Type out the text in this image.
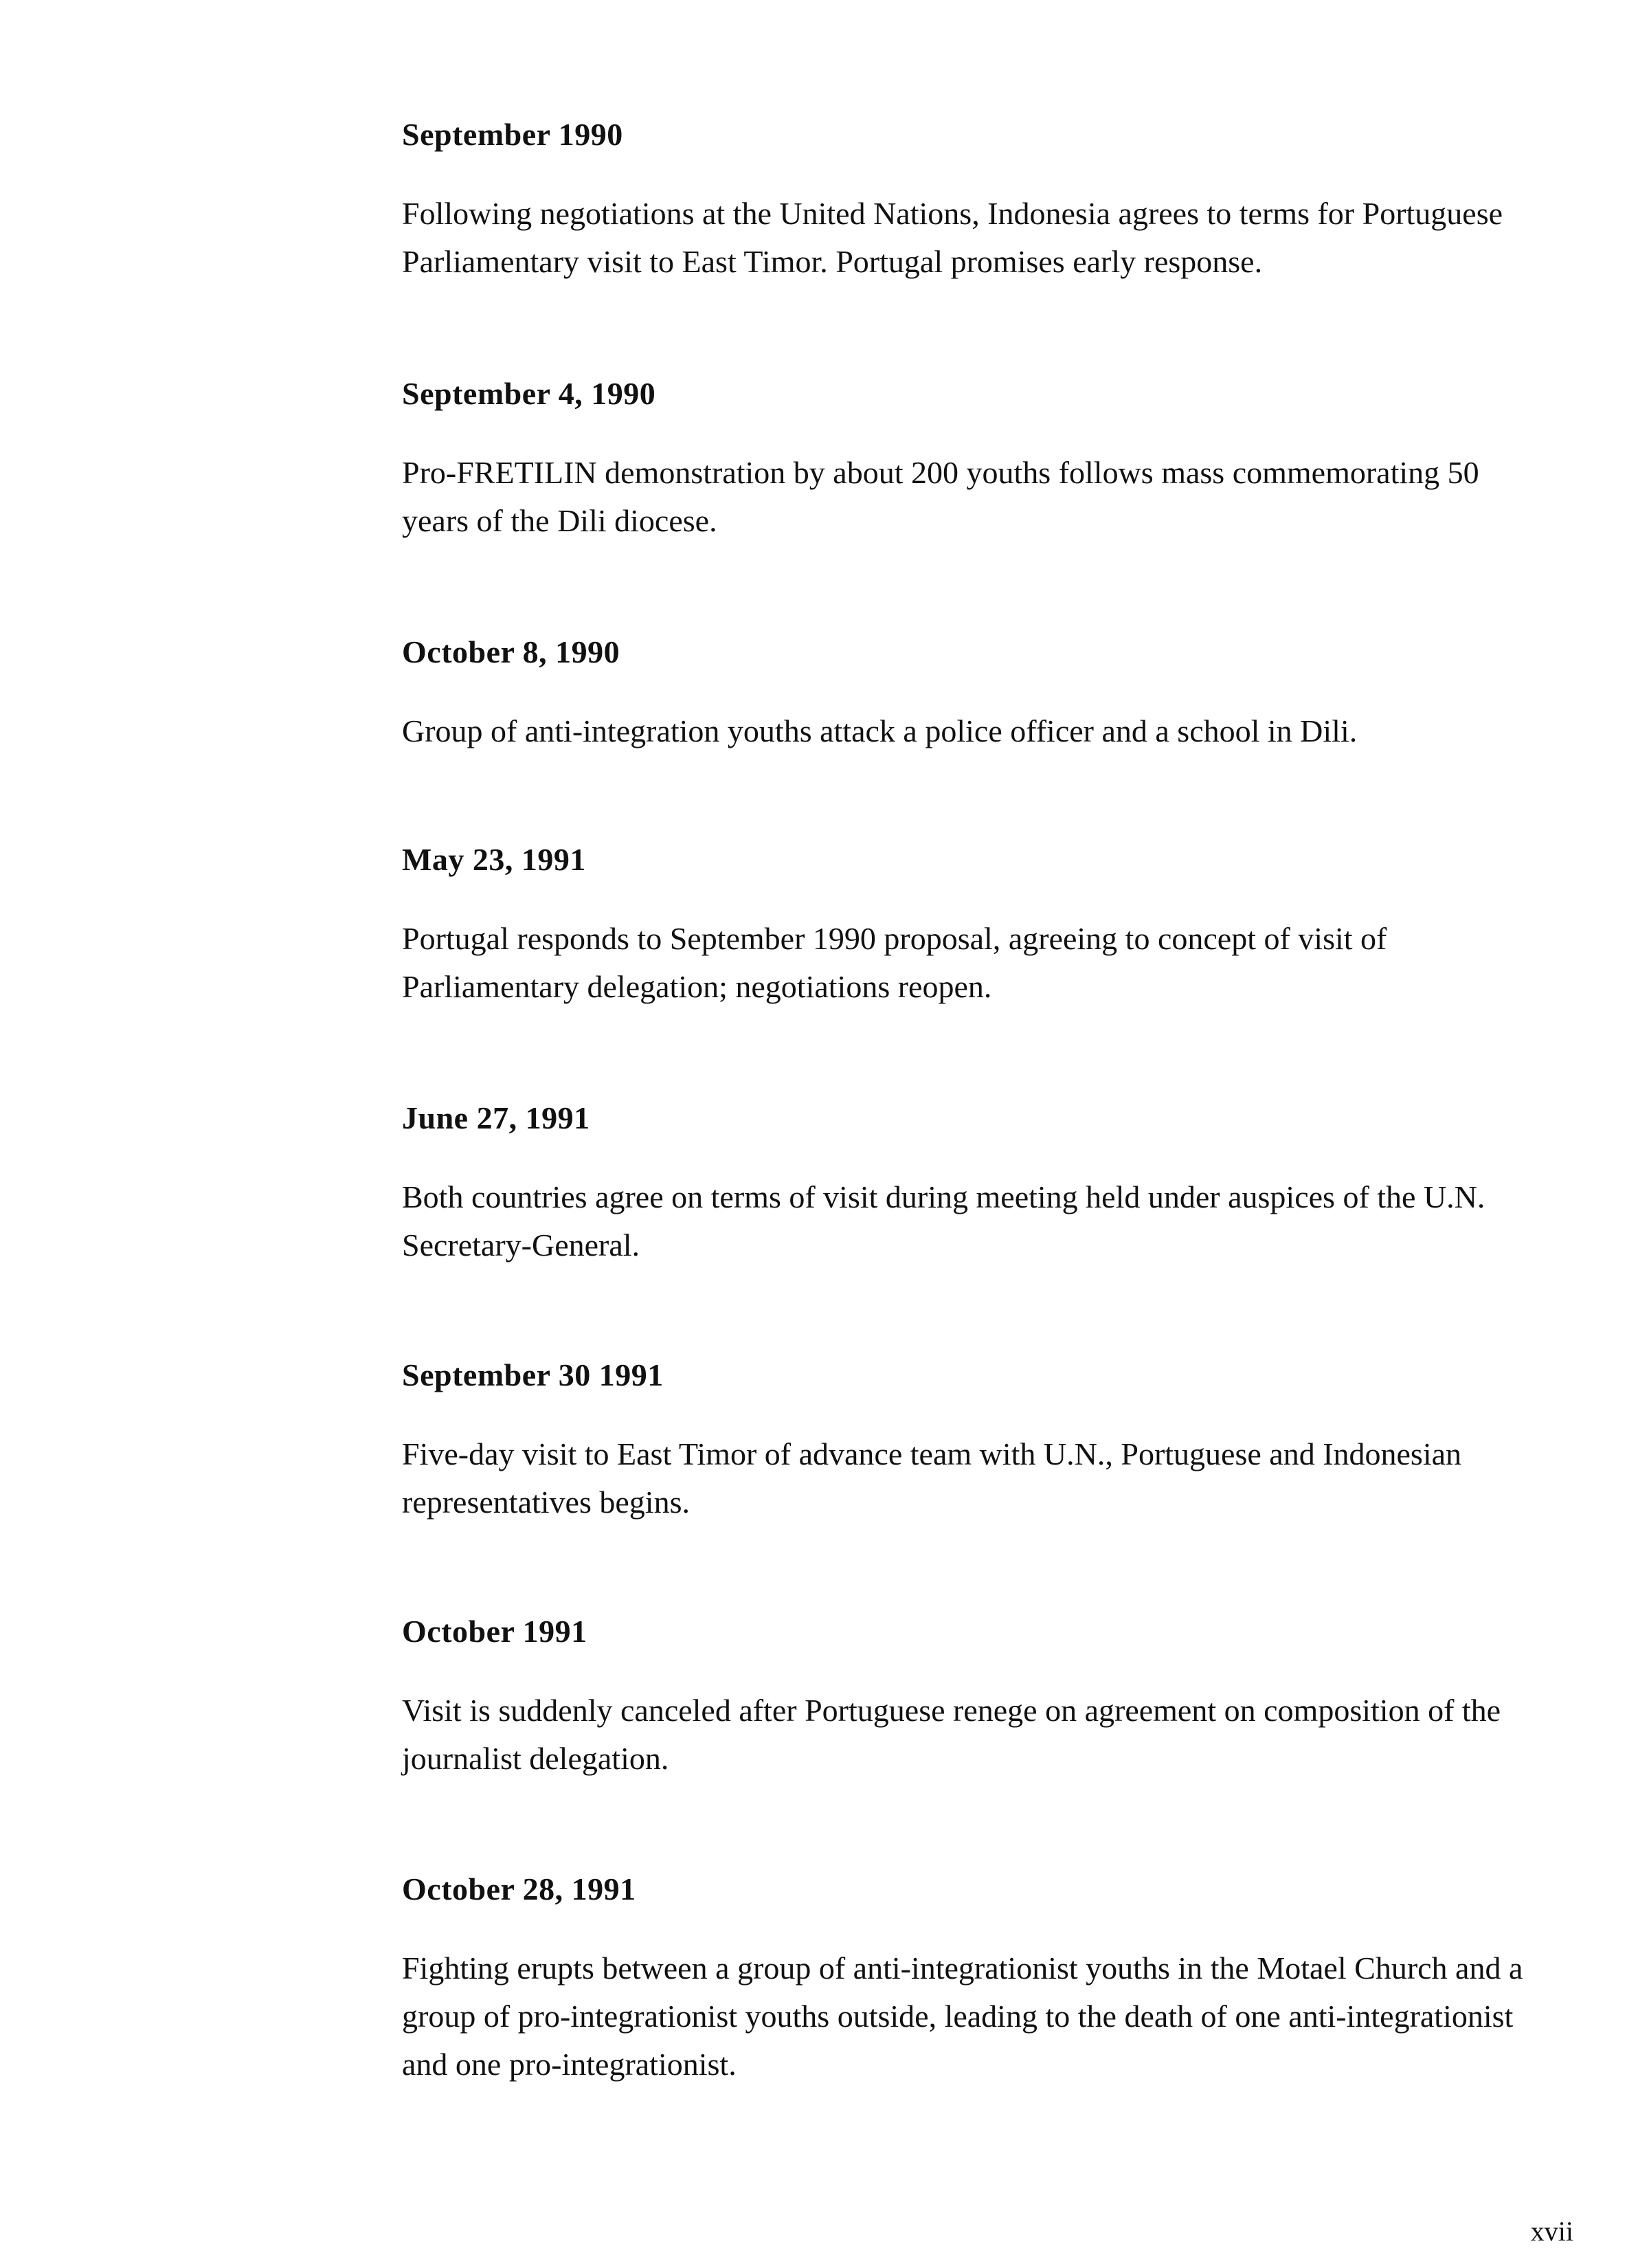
September 1990

Following negotiations at the United Nations, Indonesia agrees to terms for Portuguese Parliamentary visit to East Timor. Portugal promises early response.

September 4, 1990

Pro-FRETILIN demonstration by about 200 youths follows mass commemorating 50 years of the Dili diocese.

October 8, 1990

Group of anti-integration youths attack a police officer and a school in Dili.

May 23, 1991

Portugal responds to September 1990 proposal, agreeing to concept of visit of Parliamentary delegation; negotiations reopen.

June 27, 1991

Both countries agree on terms of visit during meeting held under auspices of the U.N. Secretary-General.

September 30 1991

Five-day visit to East Timor of advance team with U.N., Portuguese and Indonesian representatives begins.

October 1991

Visit is suddenly canceled after Portuguese renege on agreement on composition of the journalist delegation.

October 28, 1991

Fighting erupts between a group of anti-integrationist youths in the Motael Church and a group of pro-integrationist youths outside, leading to the death of one anti-integrationist and one pro-integrationist.

xvii
